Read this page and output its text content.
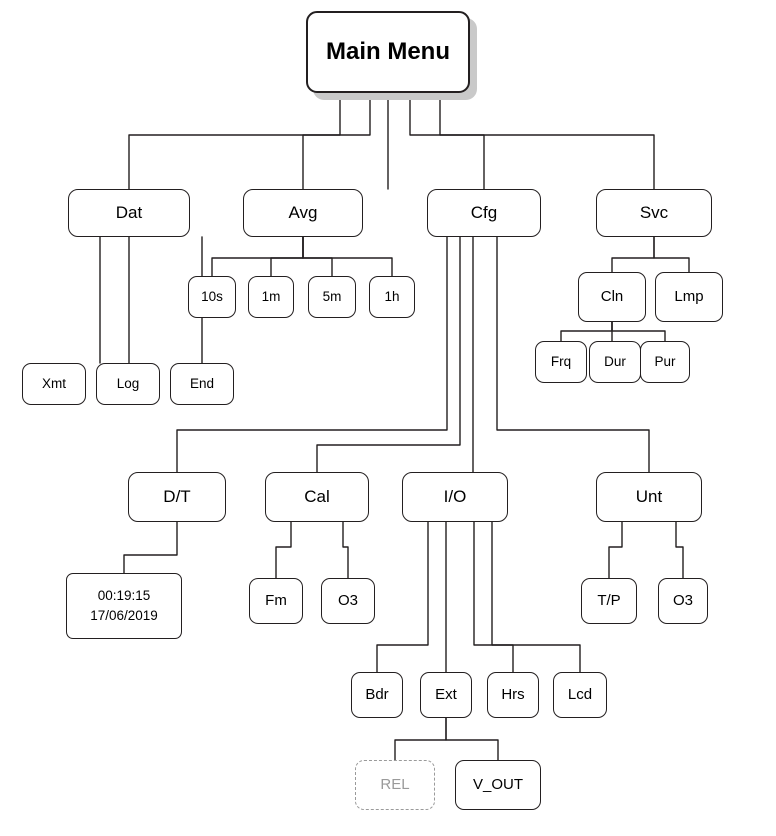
Main Menu
Dat	Avg	Cfg	Svc
10s	1m	5m	1h	Cln	Lmp
Frq	Dur	Pur
Xmt	Log	End
D/T	Cal	I/O	Unt
Fm	O3	T/P	O3
Bdr	Ext	Hrs	Lcd
REL	V_OUT
00:19:15
17/06/2019
